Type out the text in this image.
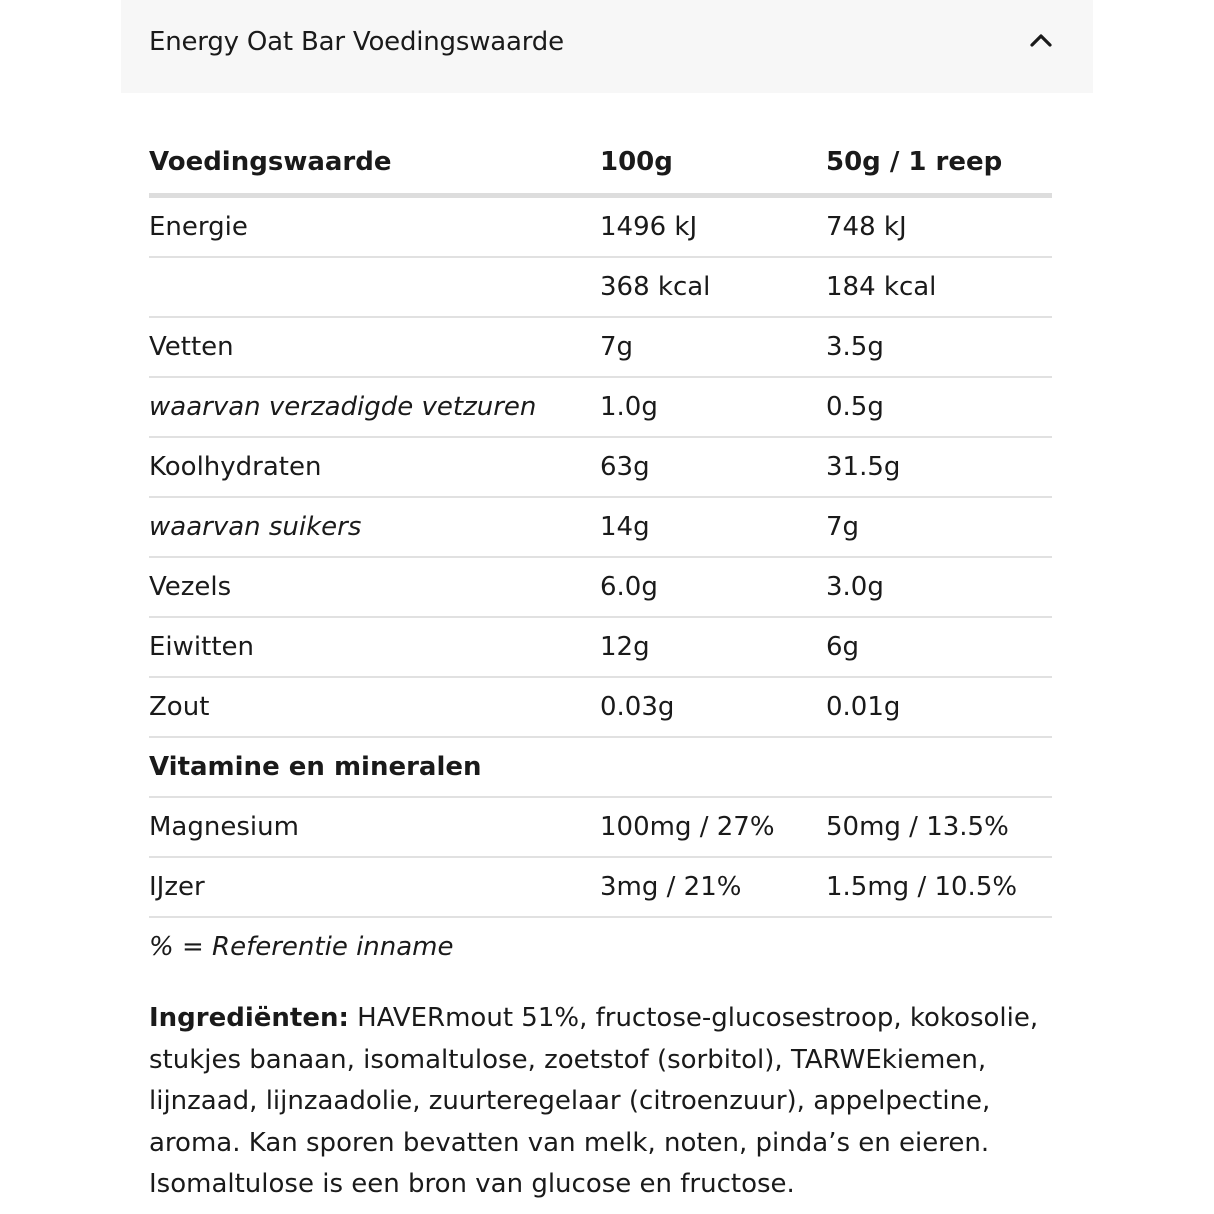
Energy Oat Bar Voedingswaarde
Voedingswaarde	100g	50g / 1 reep
Energie	1496 kJ	748 kJ
	368 kcal	184 kcal
Vetten	7g	3.5g
waarvan verzadigde vetzuren	1.0g	0.5g
Koolhydraten	63g	31.5g
waarvan suikers	14g	7g
Vezels	6.0g	3.0g
Eiwitten	12g	6g
Zout	0.03g	0.01g
Vitamine en mineralen		
Magnesium	100mg / 27%	50mg / 13.5%
IJzer	3mg / 21%	1.5mg / 10.5%
% = Referentie inname		
Ingrediënten: HAVERmout 51%, fructose-glucosestroop, kokosolie, stukjes banaan, isomaltulose, zoetstof (sorbitol), TARWEkiemen, lijnzaad, lijnzaadolie, zuurteregelaar (citroenzuur), appelpectine, aroma. Kan sporen bevatten van melk, noten, pinda’s en eieren. Isomaltulose is een bron van glucose en fructose.
